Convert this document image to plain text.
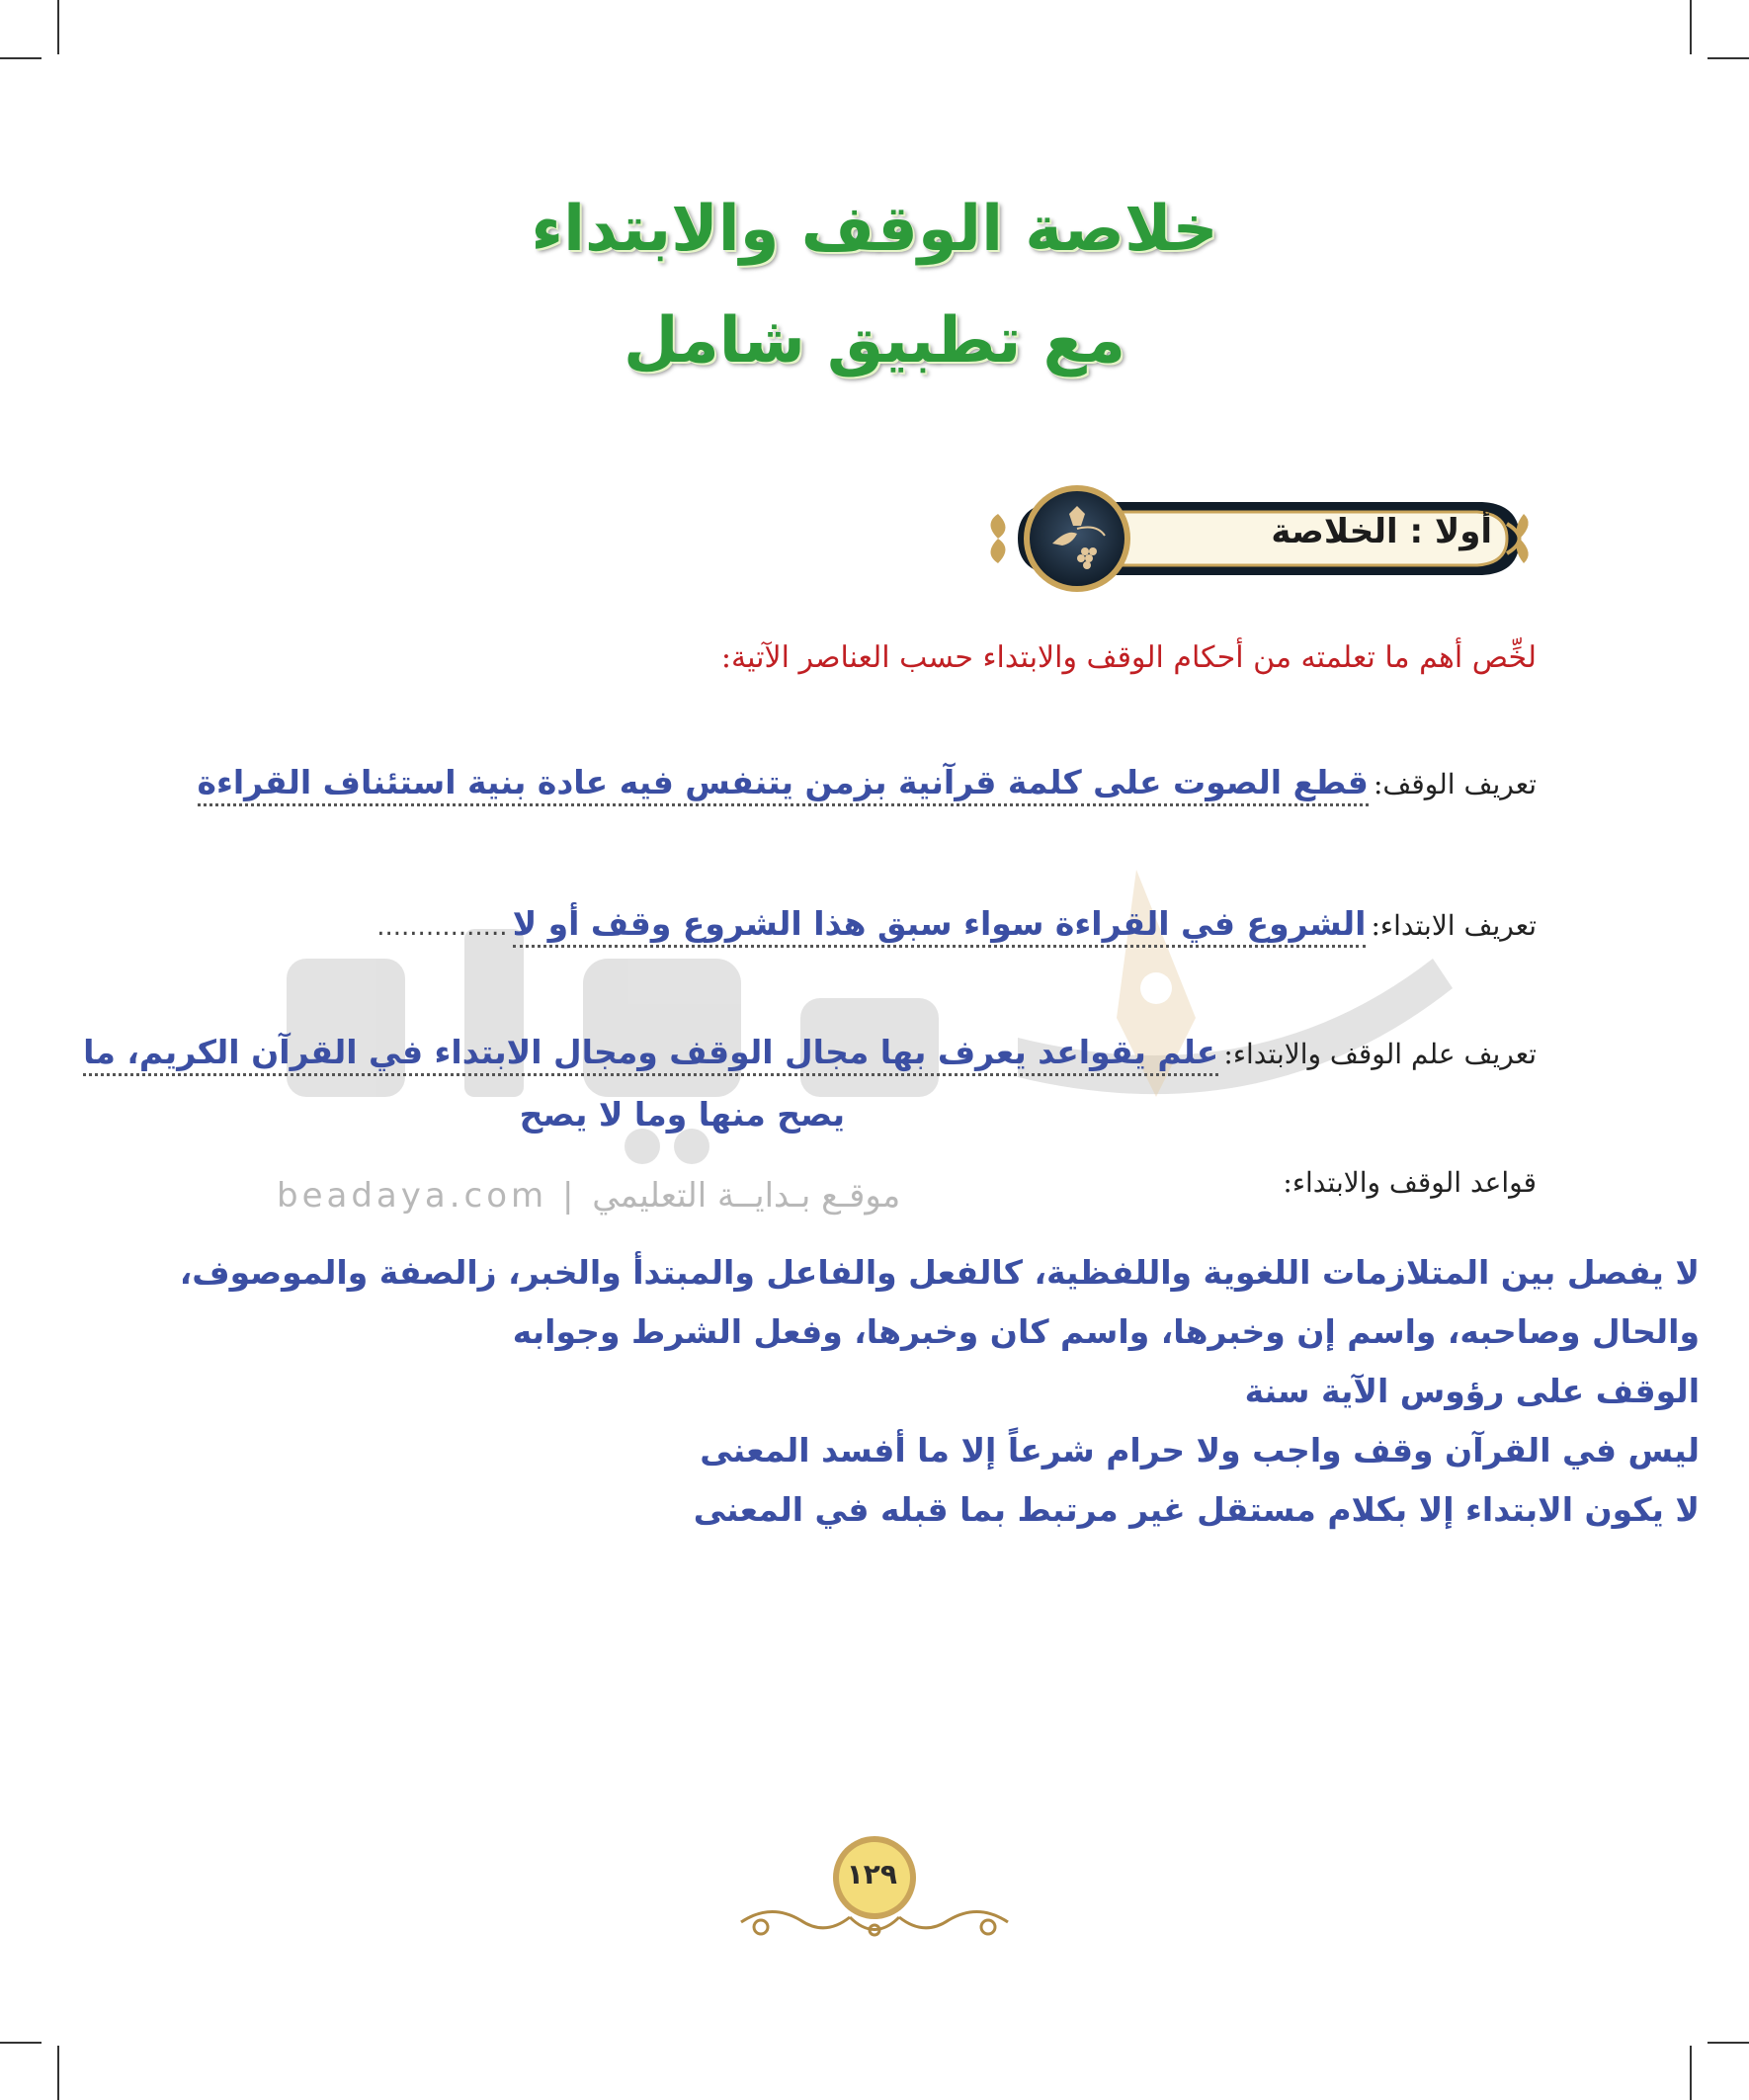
beadaya.com | موقـع بـدايــة التعليمي
خلاصة الوقف والابتداء
مع تطبيق شامل
أولا : الخلاصة
لخِّص أهم ما تعلمته من أحكام الوقف والابتداء حسب العناصر الآتية:
تعريف الوقف: قطع الصوت على كلمة قرآنية بزمن يتنفس فيه عادة بنية استئناف القراءة
تعريف الابتداء: الشروع في القراءة سواء سبق هذا الشروع وقف أو لا ................
تعريف علم الوقف والابتداء: علم يقواعد يعرف بها مجال الوقف ومجال الابتداء في القرآن الكريم، ما
يصح منها وما لا يصح
قواعد الوقف والابتداء:
لا يفصل بين المتلازمات اللغوية واللفظية، كالفعل والفاعل والمبتدأ والخبر، زالصفة والموصوف،
والحال وصاحبه، واسم إن وخبرها، واسم كان وخبرها، وفعل الشرط وجوابه
الوقف على رؤوس الآية سنة
ليس في القرآن وقف واجب ولا حرام شرعاً إلا ما أفسد المعنى
لا يكون الابتداء إلا بكلام مستقل غير مرتبط بما قبله في المعنى
١٢٩
